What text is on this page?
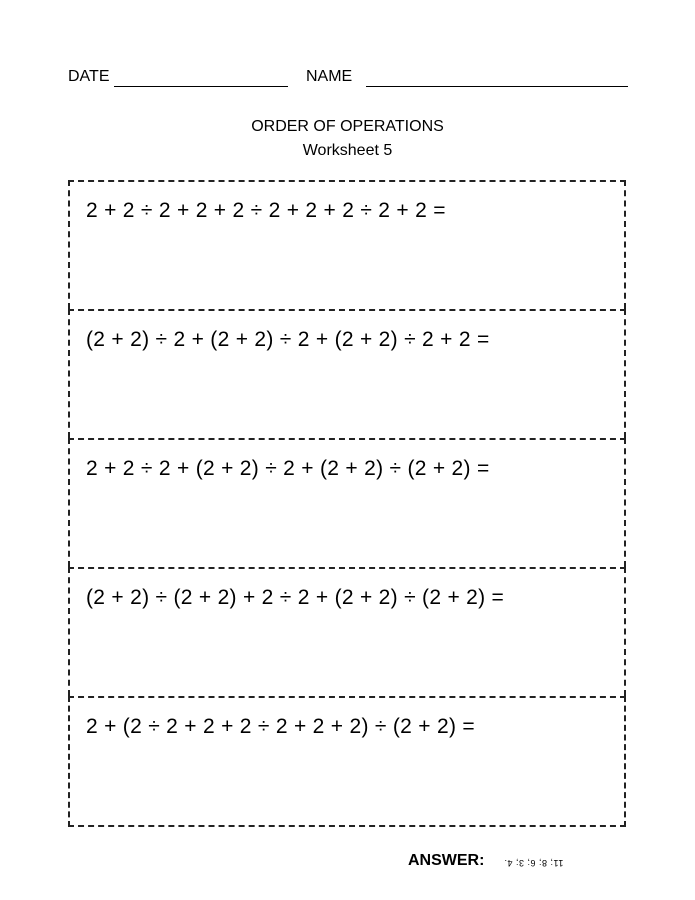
DATE	NAME
ORDER OF OPERATIONS
Worksheet 5
2 + 2 ÷ 2 + 2 + 2 ÷ 2 + 2 + 2 ÷ 2 + 2 =
(2 + 2) ÷ 2 + (2 + 2) ÷ 2 + (2 + 2) ÷ 2 + 2 =
2 + 2 ÷ 2 + (2 + 2) ÷ 2 + (2 + 2) ÷ (2 + 2) =
(2 + 2) ÷ (2 + 2) + 2 ÷ 2 + (2 + 2) ÷ (2 + 2) =
2 + (2 ÷ 2 + 2 + 2 ÷ 2 + 2 + 2) ÷ (2 + 2) =
ANSWER: 11; 8; 6; 3; 4.
